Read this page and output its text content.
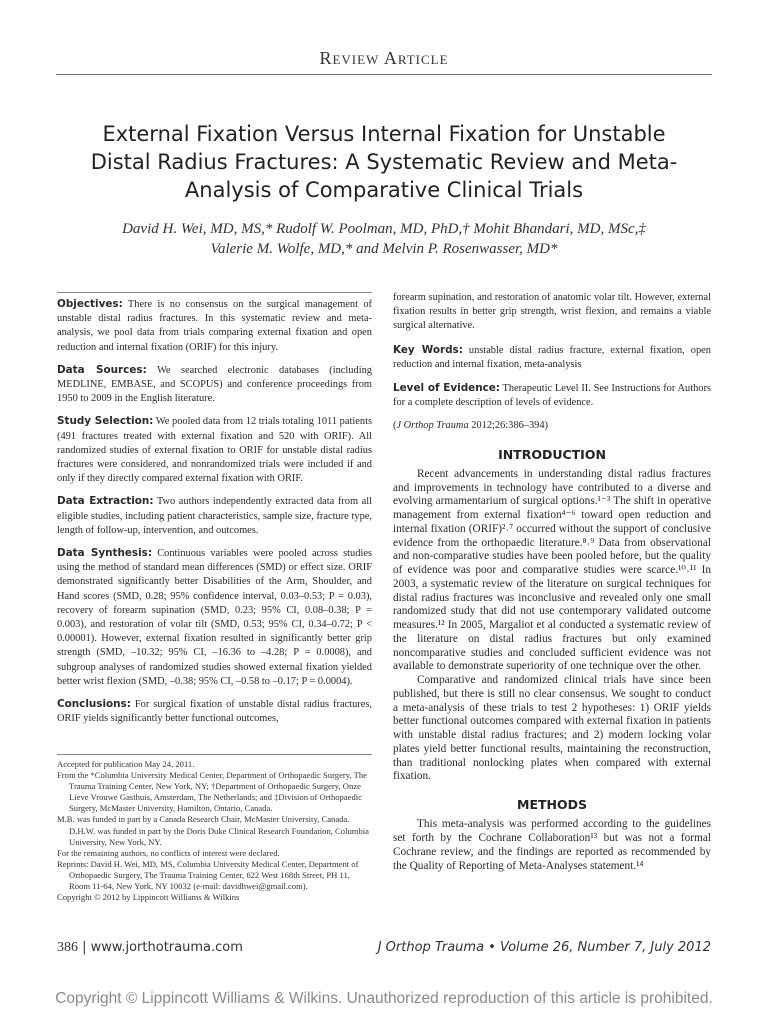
Review Article
External Fixation Versus Internal Fixation for Unstable Distal Radius Fractures: A Systematic Review and Meta-Analysis of Comparative Clinical Trials
David H. Wei, MD, MS,* Rudolf W. Poolman, MD, PhD,† Mohit Bhandari, MD, MSc,‡
Valerie M. Wolfe, MD,* and Melvin P. Rosenwasser, MD*

Objectives: There is no consensus on the surgical management of unstable distal radius fractures. In this systematic review and meta-analysis, we pool data from trials comparing external fixation and open reduction and internal fixation (ORIF) for this injury.

Data Sources: We searched electronic databases (including MEDLINE, EMBASE, and SCOPUS) and conference proceedings from 1950 to 2009 in the English literature.

Study Selection: We pooled data from 12 trials totaling 1011 patients (491 fractures treated with external fixation and 520 with ORIF). All randomized studies of external fixation to ORIF for unstable distal radius fractures were considered, and nonrandomized trials were included if and only if they directly compared external fixation with ORIF.

Data Extraction: Two authors independently extracted data from all eligible studies, including patient characteristics, sample size, fracture type, length of follow-up, intervention, and outcomes.

Data Synthesis: Continuous variables were pooled across studies using the method of standard mean differences (SMD) or effect size. ORIF demonstrated significantly better Disabilities of the Arm, Shoulder, and Hand scores (SMD, 0.28; 95% confidence interval, 0.03–0.53; P = 0.03), recovery of forearm supination (SMD, 0.23; 95% CI, 0.08–0.38; P = 0.003), and restoration of volar tilt (SMD, 0.53; 95% CI, 0.34–0.72; P < 0.00001). However, external fixation resulted in significantly better grip strength (SMD, –10.32; 95% CI, –16.36 to –4.28; P = 0.0008), and subgroup analyses of randomized studies showed external fixation yielded better wrist flexion (SMD, –0.38; 95% CI, –0.58 to –0.17; P = 0.0004).

Conclusions: For surgical fixation of unstable distal radius fractures, ORIF yields significantly better functional outcomes,

Accepted for publication May 24, 2011.

From the *Columbia University Medical Center, Department of Orthopaedic Surgery, The Trauma Training Center, New York, NY; †Department of Orthopaedic Surgery, Onze Lieve Vrouwe Gasthuis, Amsterdam, The Netherlands; and ‡Division of Orthopaedic Surgery, McMaster University, Hamilton, Ontario, Canada.

M.B. was funded in part by a Canada Research Chair, McMaster University, Canada. D.H.W. was funded in part by the Doris Duke Clinical Research Foundation, Columbia University, New York, NY.

For the remaining authors, no conflicts of interest were declared.

Reprints: David H. Wei, MD, MS, Columbia University Medical Center, Department of Orthopaedic Surgery, The Trauma Training Center, 622 West 168th Street, PH 11, Room 11-64, New York, NY 10032 (e-mail: davidhwei@gmail.com).

Copyright © 2012 by Lippincott Williams & Wilkins

forearm supination, and restoration of anatomic volar tilt. However, external fixation results in better grip strength, wrist flexion, and remains a viable surgical alternative.

Key Words: unstable distal radius fracture, external fixation, open reduction and internal fixation, meta-analysis

Level of Evidence: Therapeutic Level II. See Instructions for Authors for a complete description of levels of evidence.

(J Orthop Trauma 2012;26:386–394)

INTRODUCTION

Recent advancements in understanding distal radius fractures and improvements in technology have contributed to a diverse and evolving armamentarium of surgical options.¹⁻³ The shift in operative management from external fixation⁴⁻⁶ toward open reduction and internal fixation (ORIF)²˒⁷ occurred without the support of conclusive evidence from the orthopaedic literature.⁸˒⁹ Data from observational and non-comparative studies have been pooled before, but the quality of evidence was poor and comparative studies were scarce.¹⁰˒¹¹ In 2003, a systematic review of the literature on surgical techniques for distal radius fractures was inconclusive and revealed only one small randomized study that did not use contemporary validated outcome measures.¹² In 2005, Margaliot et al conducted a systematic review of the literature on distal radius fractures but only examined noncomparative studies and concluded sufficient evidence was not available to demonstrate superiority of one technique over the other.

Comparative and randomized clinical trials have since been published, but there is still no clear consensus. We sought to conduct a meta-analysis of these trials to test 2 hypotheses: 1) ORIF yields better functional outcomes compared with external fixation in patients with unstable distal radius fractures; and 2) modern locking volar plates yield better functional results, maintaining the reconstruction, than traditional nonlocking plates when compared with external fixation.

METHODS

This meta-analysis was performed according to the guidelines set forth by the Cochrane Collaboration¹³ but was not a formal Cochrane review, and the findings are reported as recommended by the Quality of Reporting of Meta-Analyses statement.¹⁴

386 | www.jorthotrauma.com	J Orthop Trauma • Volume 26, Number 7, July 2012
Copyright © Lippincott Williams & Wilkins. Unauthorized reproduction of this article is prohibited.
